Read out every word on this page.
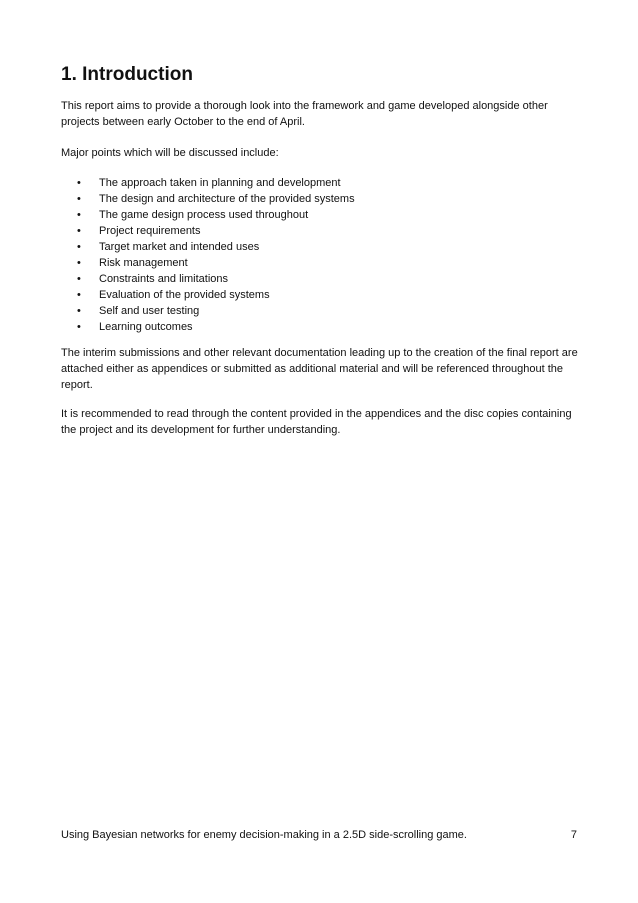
1. Introduction

This report aims to provide a thorough look into the framework and game developed alongside other projects between early October to the end of April.

Major points which will be discussed include:

• The approach taken in planning and development
• The design and architecture of the provided systems
• The game design process used throughout
• Project requirements
• Target market and intended uses
• Risk management
• Constraints and limitations
• Evaluation of the provided systems
• Self and user testing
• Learning outcomes

The interim submissions and other relevant documentation leading up to the creation of the final report are attached either as appendices or submitted as additional material and will be referenced throughout the report.

It is recommended to read through the content provided in the appendices and the disc copies containing the project and its development for further understanding.

Using Bayesian networks for enemy decision-making in a 2.5D side-scrolling game.	7
